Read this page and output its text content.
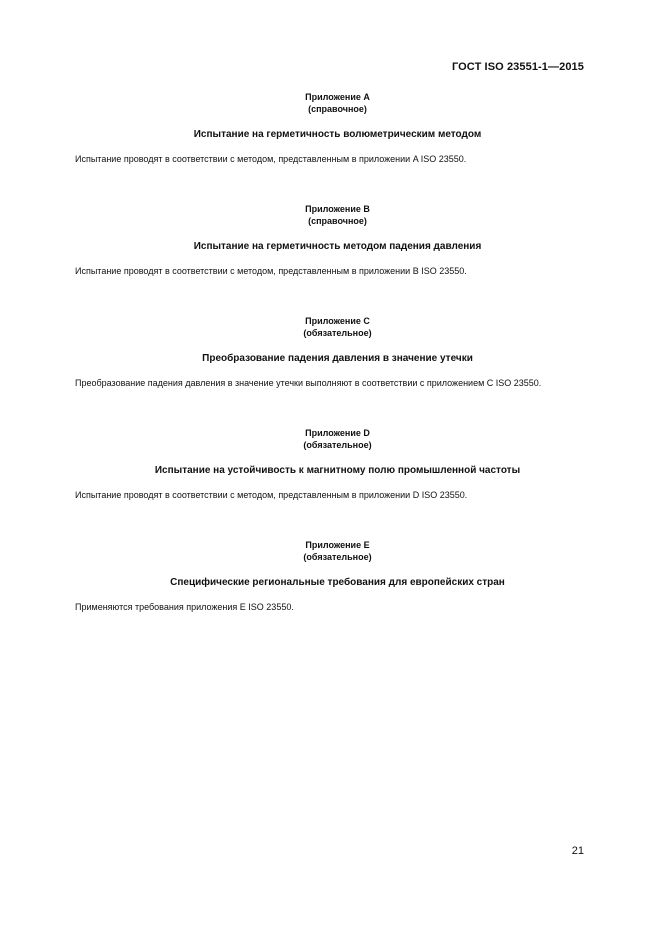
ГОСТ ISO 23551-1—2015
Приложение А
(справочное)
Испытание на герметичность волюметрическим методом
Испытание проводят в соответствии с методом, представленным в приложении A ISO 23550.
Приложение В
(справочное)
Испытание на герметичность методом падения давления
Испытание проводят в соответствии с методом, представленным в приложении В ISO 23550.
Приложение С
(обязательное)
Преобразование падения давления в значение утечки
Преобразование падения давления в значение утечки выполняют в соответствии с приложением С ISO 23550.
Приложение D
(обязательное)
Испытание на устойчивость к магнитному полю промышленной частоты
Испытание проводят в соответствии с методом, представленным в приложении D ISO 23550.
Приложение Е
(обязательное)
Специфические региональные требования для европейских стран
Применяются требования приложения Е ISO 23550.
21
